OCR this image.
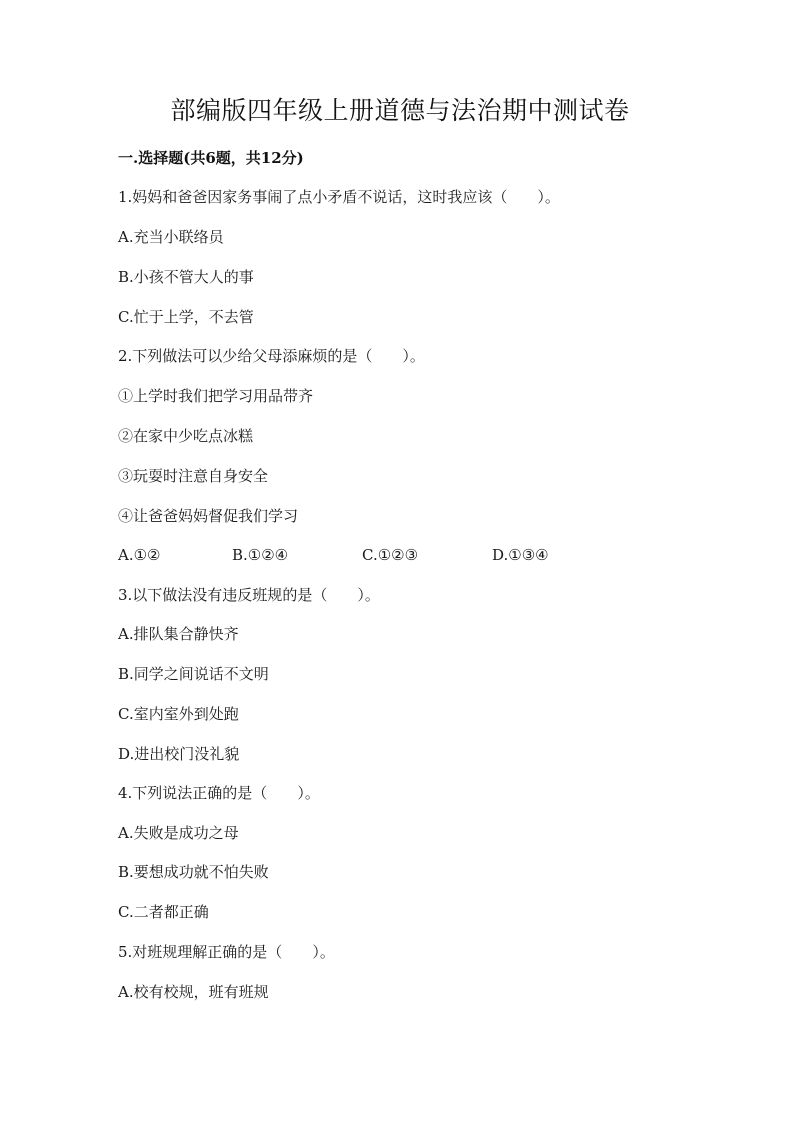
部编版四年级上册道德与法治期中测试卷
一.选择题(共6题，共12分)
1.妈妈和爸爸因家务事闹了点小矛盾不说话，这时我应该（　　）。
A.充当小联络员
B.小孩不管大人的事
C.忙于上学，不去管
2.下列做法可以少给父母添麻烦的是（　　）。
①上学时我们把学习用品带齐
②在家中少吃点冰糕
③玩耍时注意自身安全
④让爸爸妈妈督促我们学习
A.①②	B.①②④	C.①②③	D.①③④
3.以下做法没有违反班规的是（　　）。
A.排队集合静快齐
B.同学之间说话不文明
C.室内室外到处跑
D.进出校门没礼貌
4.下列说法正确的是（　　）。
A.失败是成功之母
B.要想成功就不怕失败
C.二者都正确
5.对班规理解正确的是（　　）。
A.校有校规，班有班规
